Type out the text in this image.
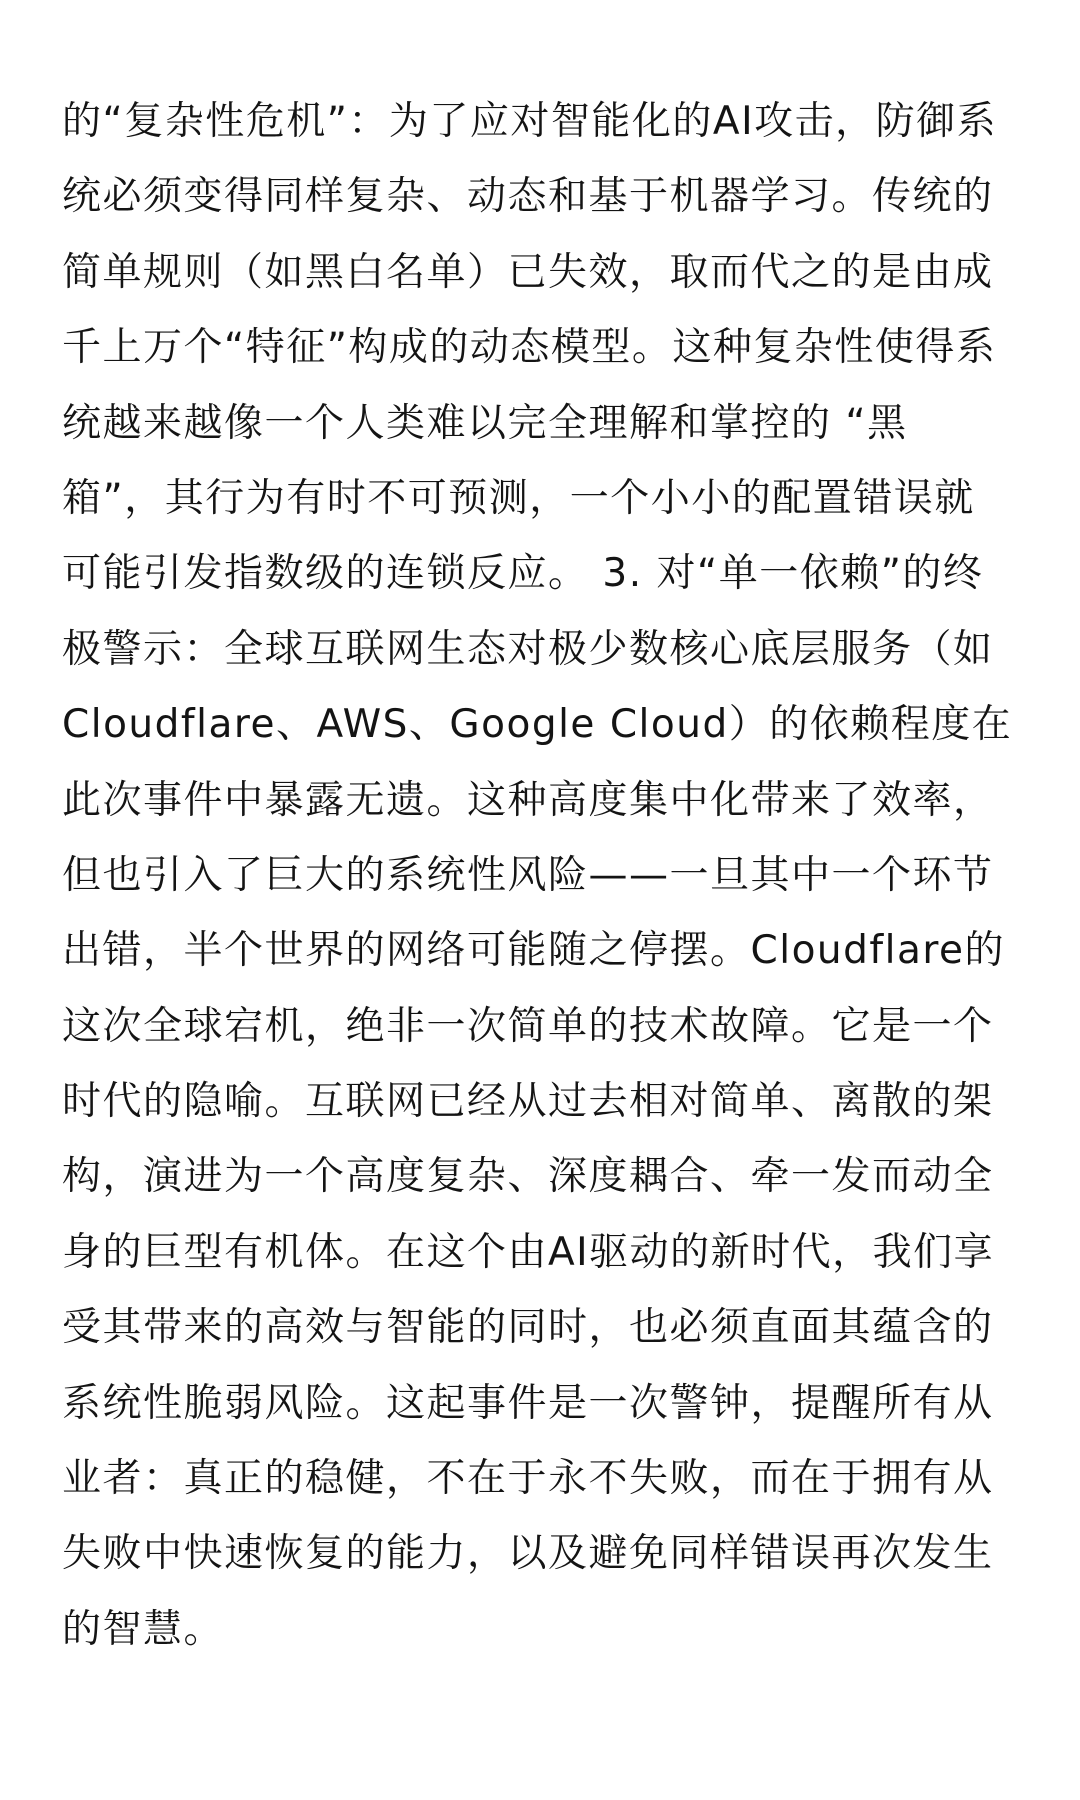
的“复杂性危机”：为了应对智能化的AI攻击，防御系
统必须变得同样复杂、动态和基于机器学习。传统的
简单规则（如黑白名单）已失效，取而代之的是由成
千上万个“特征”构成的动态模型。这种复杂性使得系
统越来越像一个人类难以完全理解和掌控的 “黑
箱”，其行为有时不可预测，一个小小的配置错误就
可能引发指数级的连锁反应。 3. 对“单一依赖”的终
极警示：全球互联网生态对极少数核心底层服务（如
Cloudflare、AWS、Google Cloud）的依赖程度在
此次事件中暴露无遗。这种高度集中化带来了效率，
但也引入了巨大的系统性风险——一旦其中一个环节
出错，半个世界的网络可能随之停摆。Cloudflare的
这次全球宕机，绝非一次简单的技术故障。它是一个
时代的隐喻。互联网已经从过去相对简单、离散的架
构，演进为一个高度复杂、深度耦合、牵一发而动全
身的巨型有机体。在这个由AI驱动的新时代，我们享
受其带来的高效与智能的同时，也必须直面其蕴含的
系统性脆弱风险。这起事件是一次警钟，提醒所有从
业者：真正的稳健，不在于永不失败，而在于拥有从
失败中快速恢复的能力，以及避免同样错误再次发生
的智慧。
